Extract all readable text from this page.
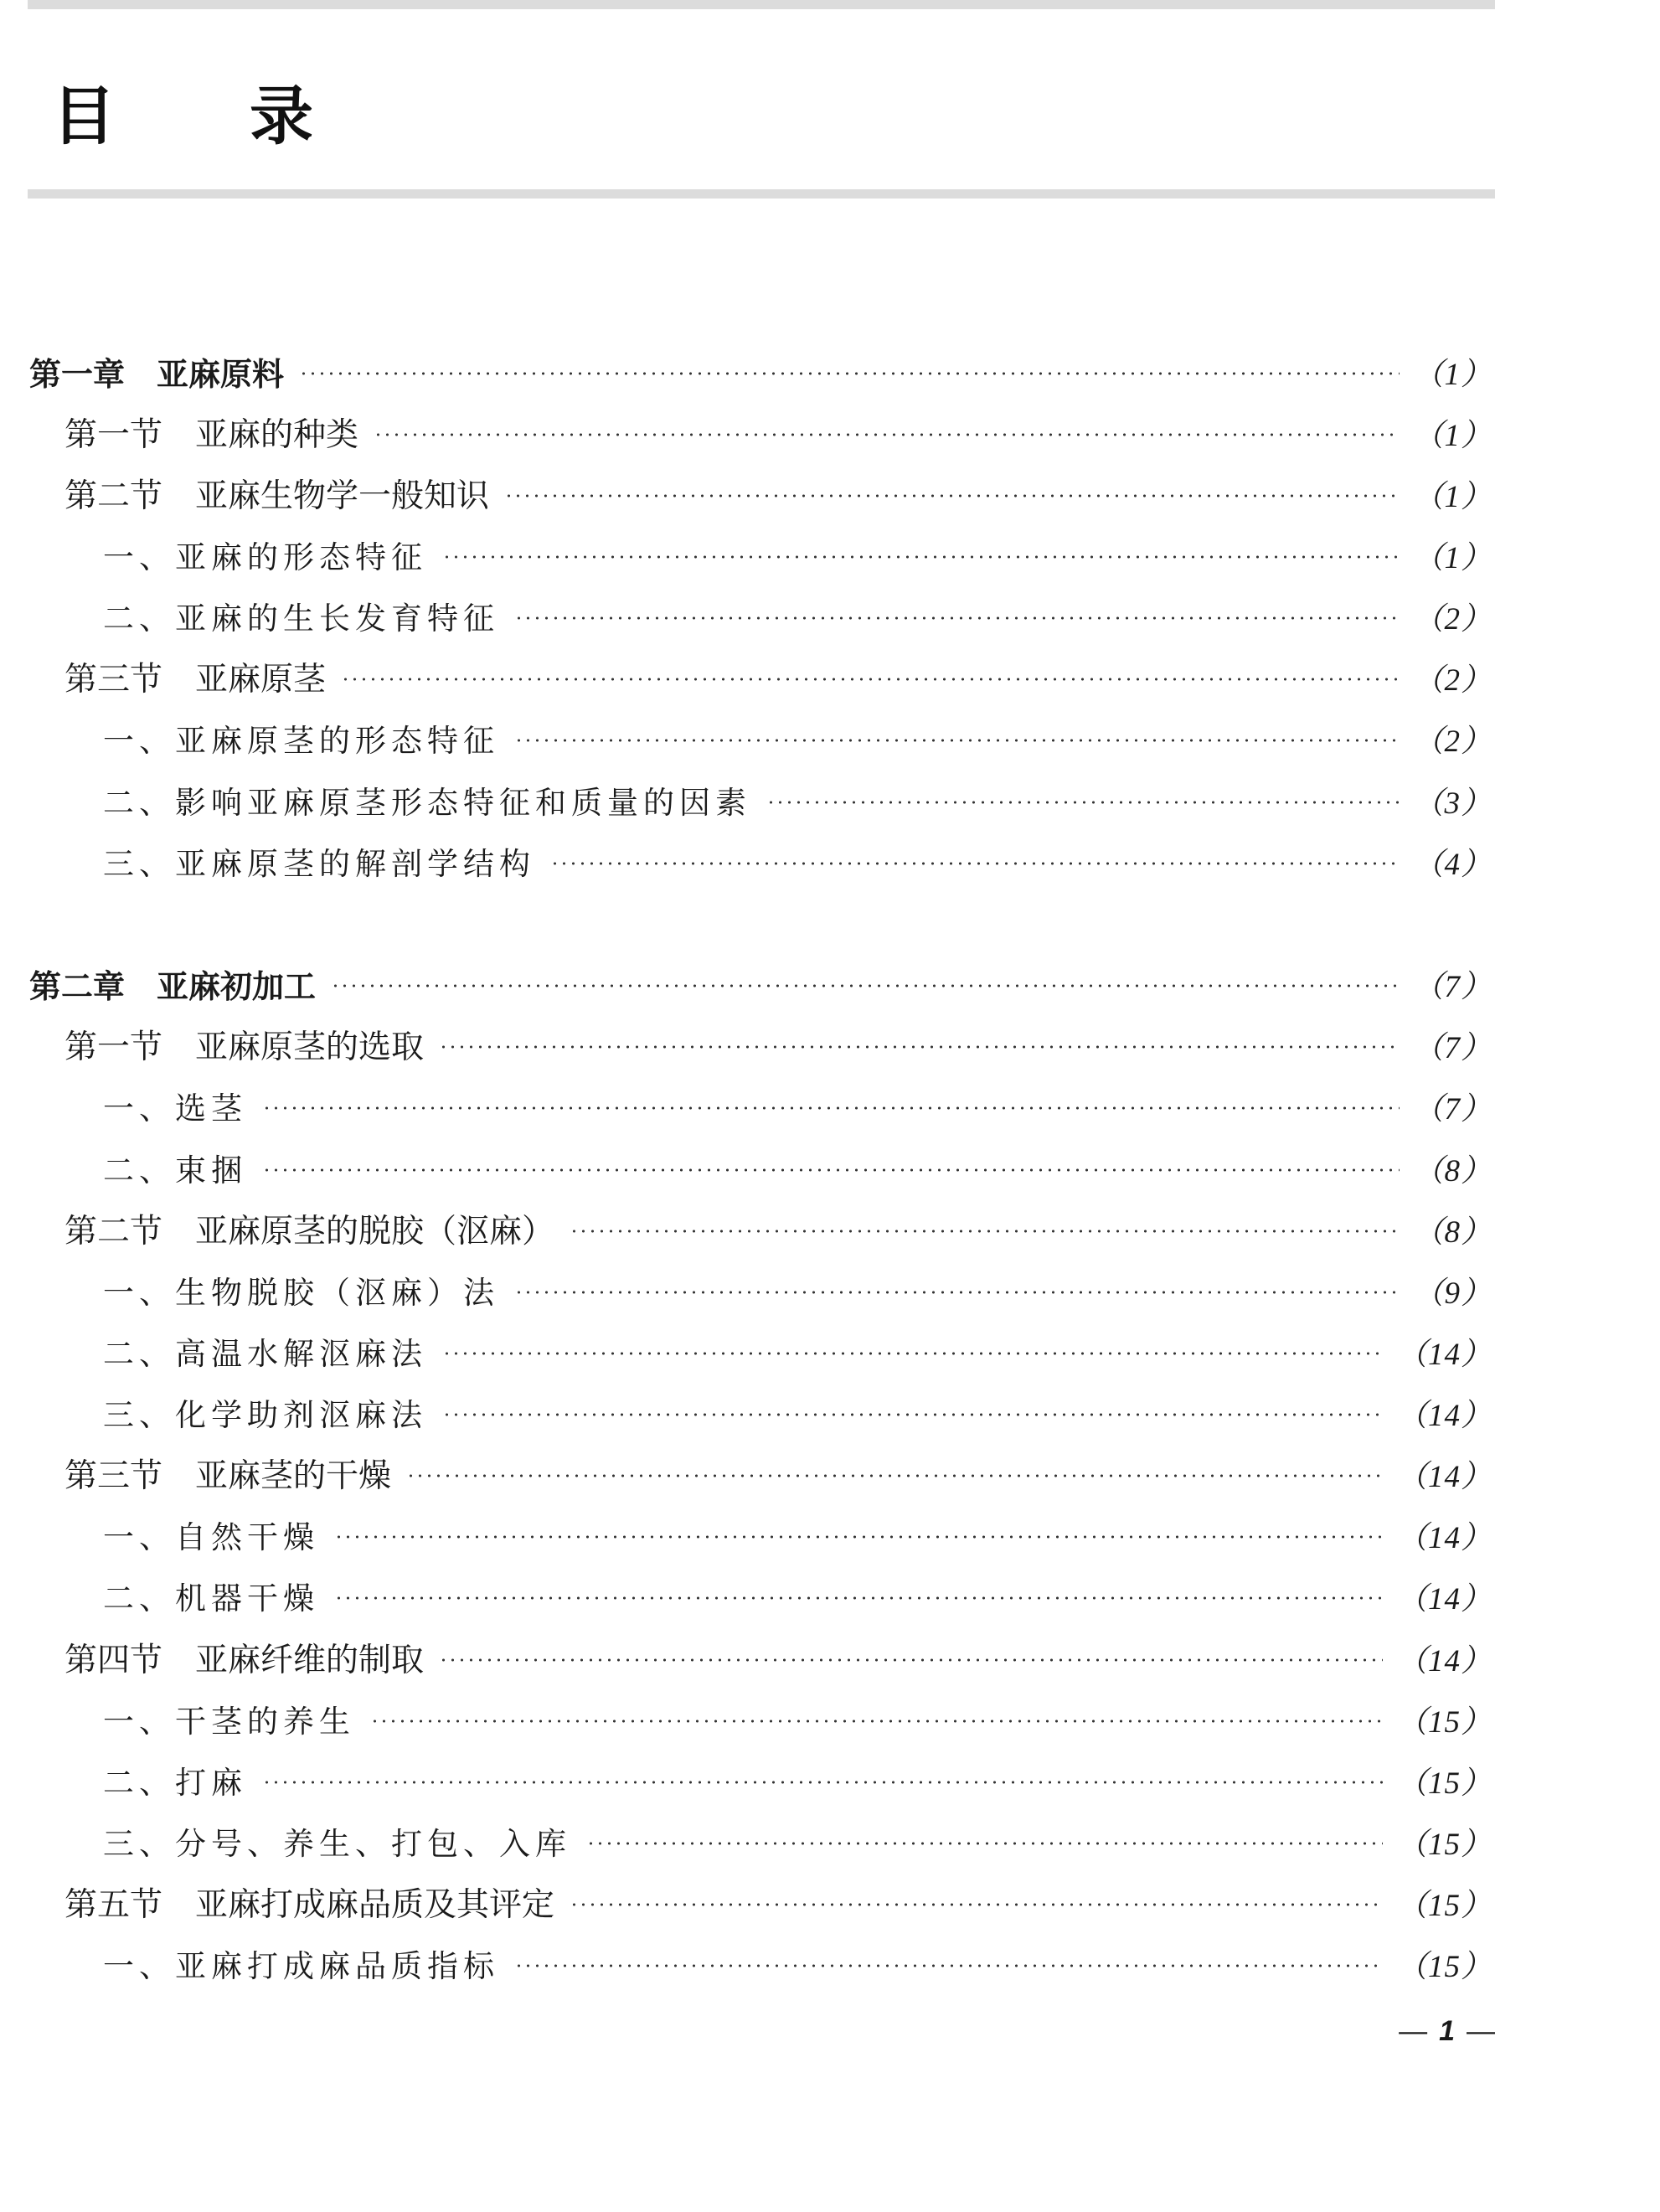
目 录
第一章　亚麻原料	（1）
第一节　亚麻的种类	（1）
第二节　亚麻生物学一般知识	（1）
一、亚麻的形态特征	（1）
二、亚麻的生长发育特征	（2）
第三节　亚麻原茎	（2）
一、亚麻原茎的形态特征	（2）
二、影响亚麻原茎形态特征和质量的因素	（3）
三、亚麻原茎的解剖学结构	（4）
第二章　亚麻初加工	（7）
第一节　亚麻原茎的选取	（7）
一、选茎	（7）
二、束捆	（8）
第二节　亚麻原茎的脱胶（沤麻）	（8）
一、生物脱胶（沤麻）法	（9）
二、高温水解沤麻法	（14）
三、化学助剂沤麻法	（14）
第三节　亚麻茎的干燥	（14）
一、自然干燥	（14）
二、机器干燥	（14）
第四节　亚麻纤维的制取	（14）
一、干茎的养生	（15）
二、打麻	（15）
三、分号、养生、打包、入库	（15）
第五节　亚麻打成麻品质及其评定	（15）
一、亚麻打成麻品质指标	（15）
— 1 —
